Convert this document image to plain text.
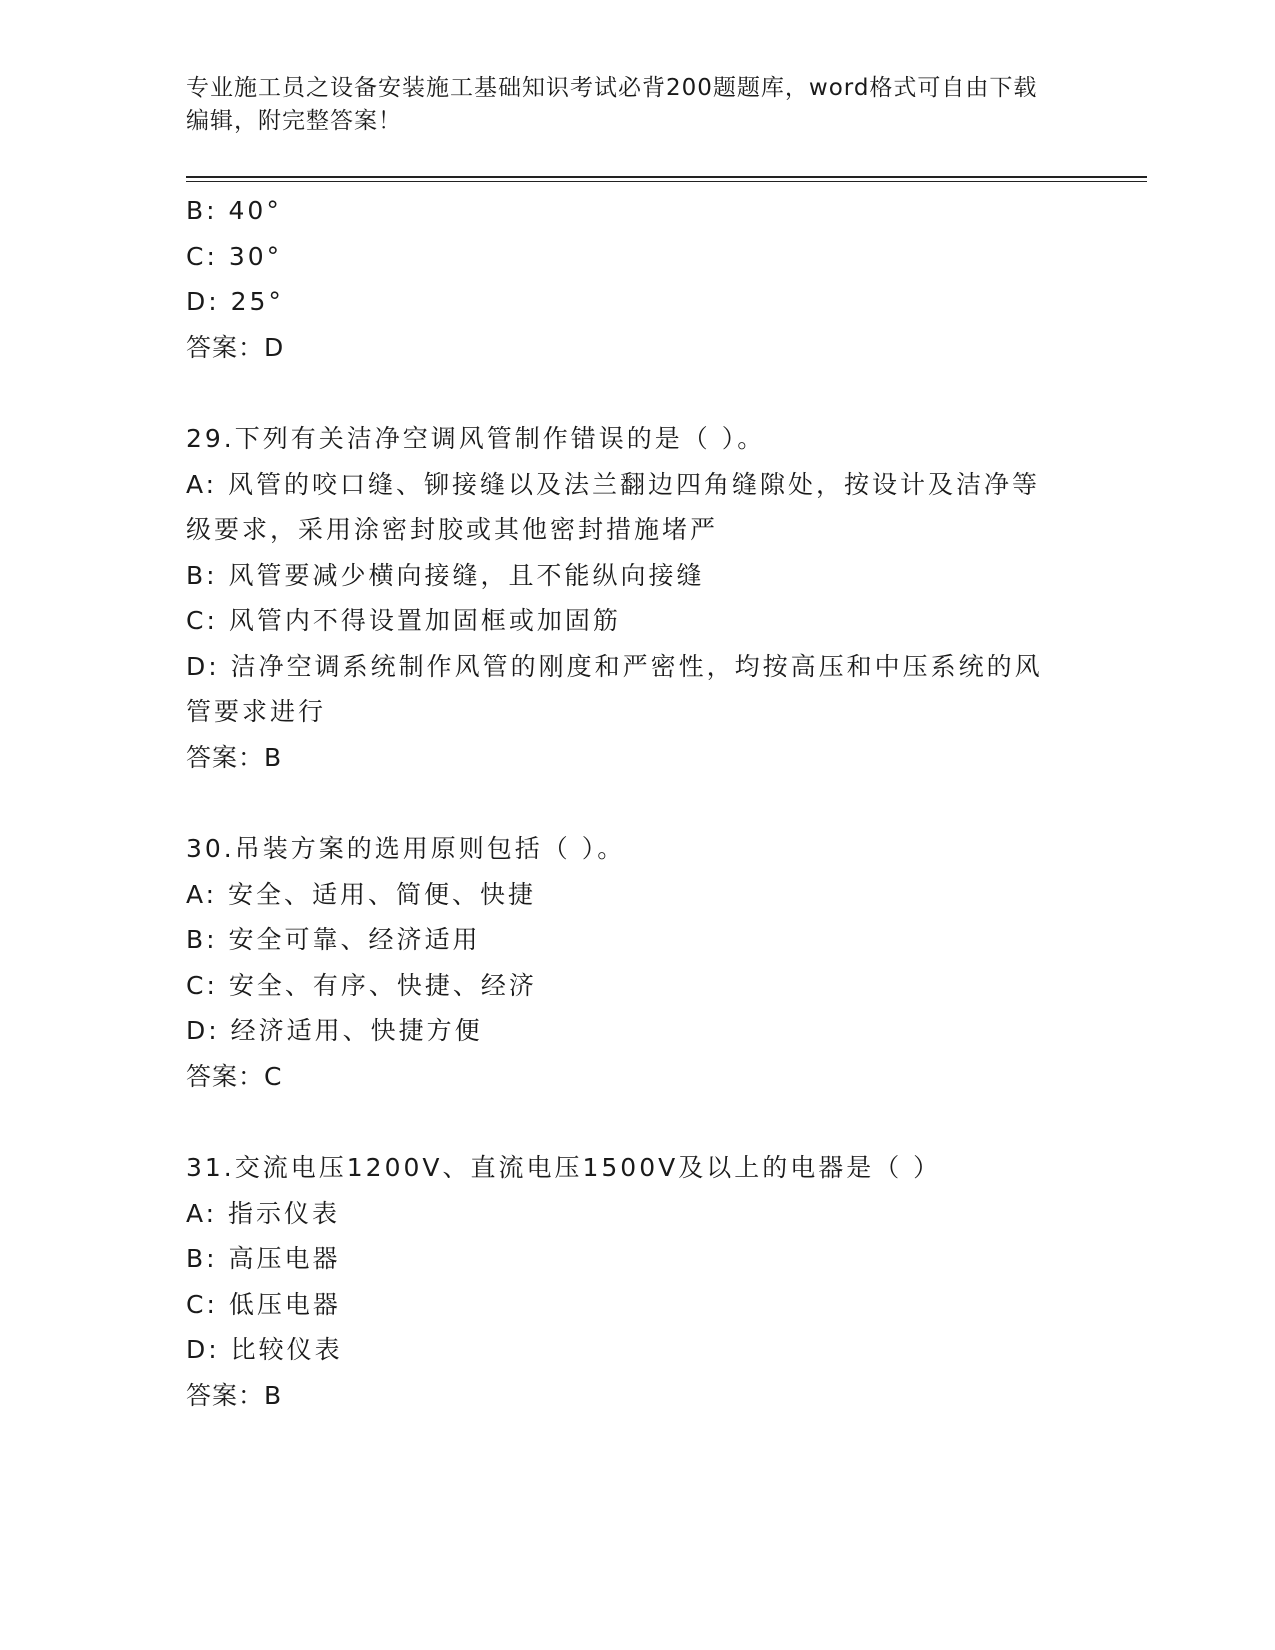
专业施工员之设备安装施工基础知识考试必背200题题库，word格式可自由下载
编辑，附完整答案！
B: 40°
C: 30°
D: 25°
答案：D
29.下列有关洁净空调风管制作错误的是（ ）。
A: 风管的咬口缝、铆接缝以及法兰翻边四角缝隙处，按设计及洁净等
级要求，采用涂密封胶或其他密封措施堵严
B: 风管要减少横向接缝，且不能纵向接缝
C: 风管内不得设置加固框或加固筋
D: 洁净空调系统制作风管的刚度和严密性，均按高压和中压系统的风
管要求进行
答案：B
30.吊装方案的选用原则包括（ ）。
A: 安全、适用、简便、快捷
B: 安全可靠、经济适用
C: 安全、有序、快捷、经济
D: 经济适用、快捷方便
答案：C
31.交流电压1200V、直流电压1500V及以上的电器是（ ）
A: 指示仪表
B: 高压电器
C: 低压电器
D: 比较仪表
答案：B
